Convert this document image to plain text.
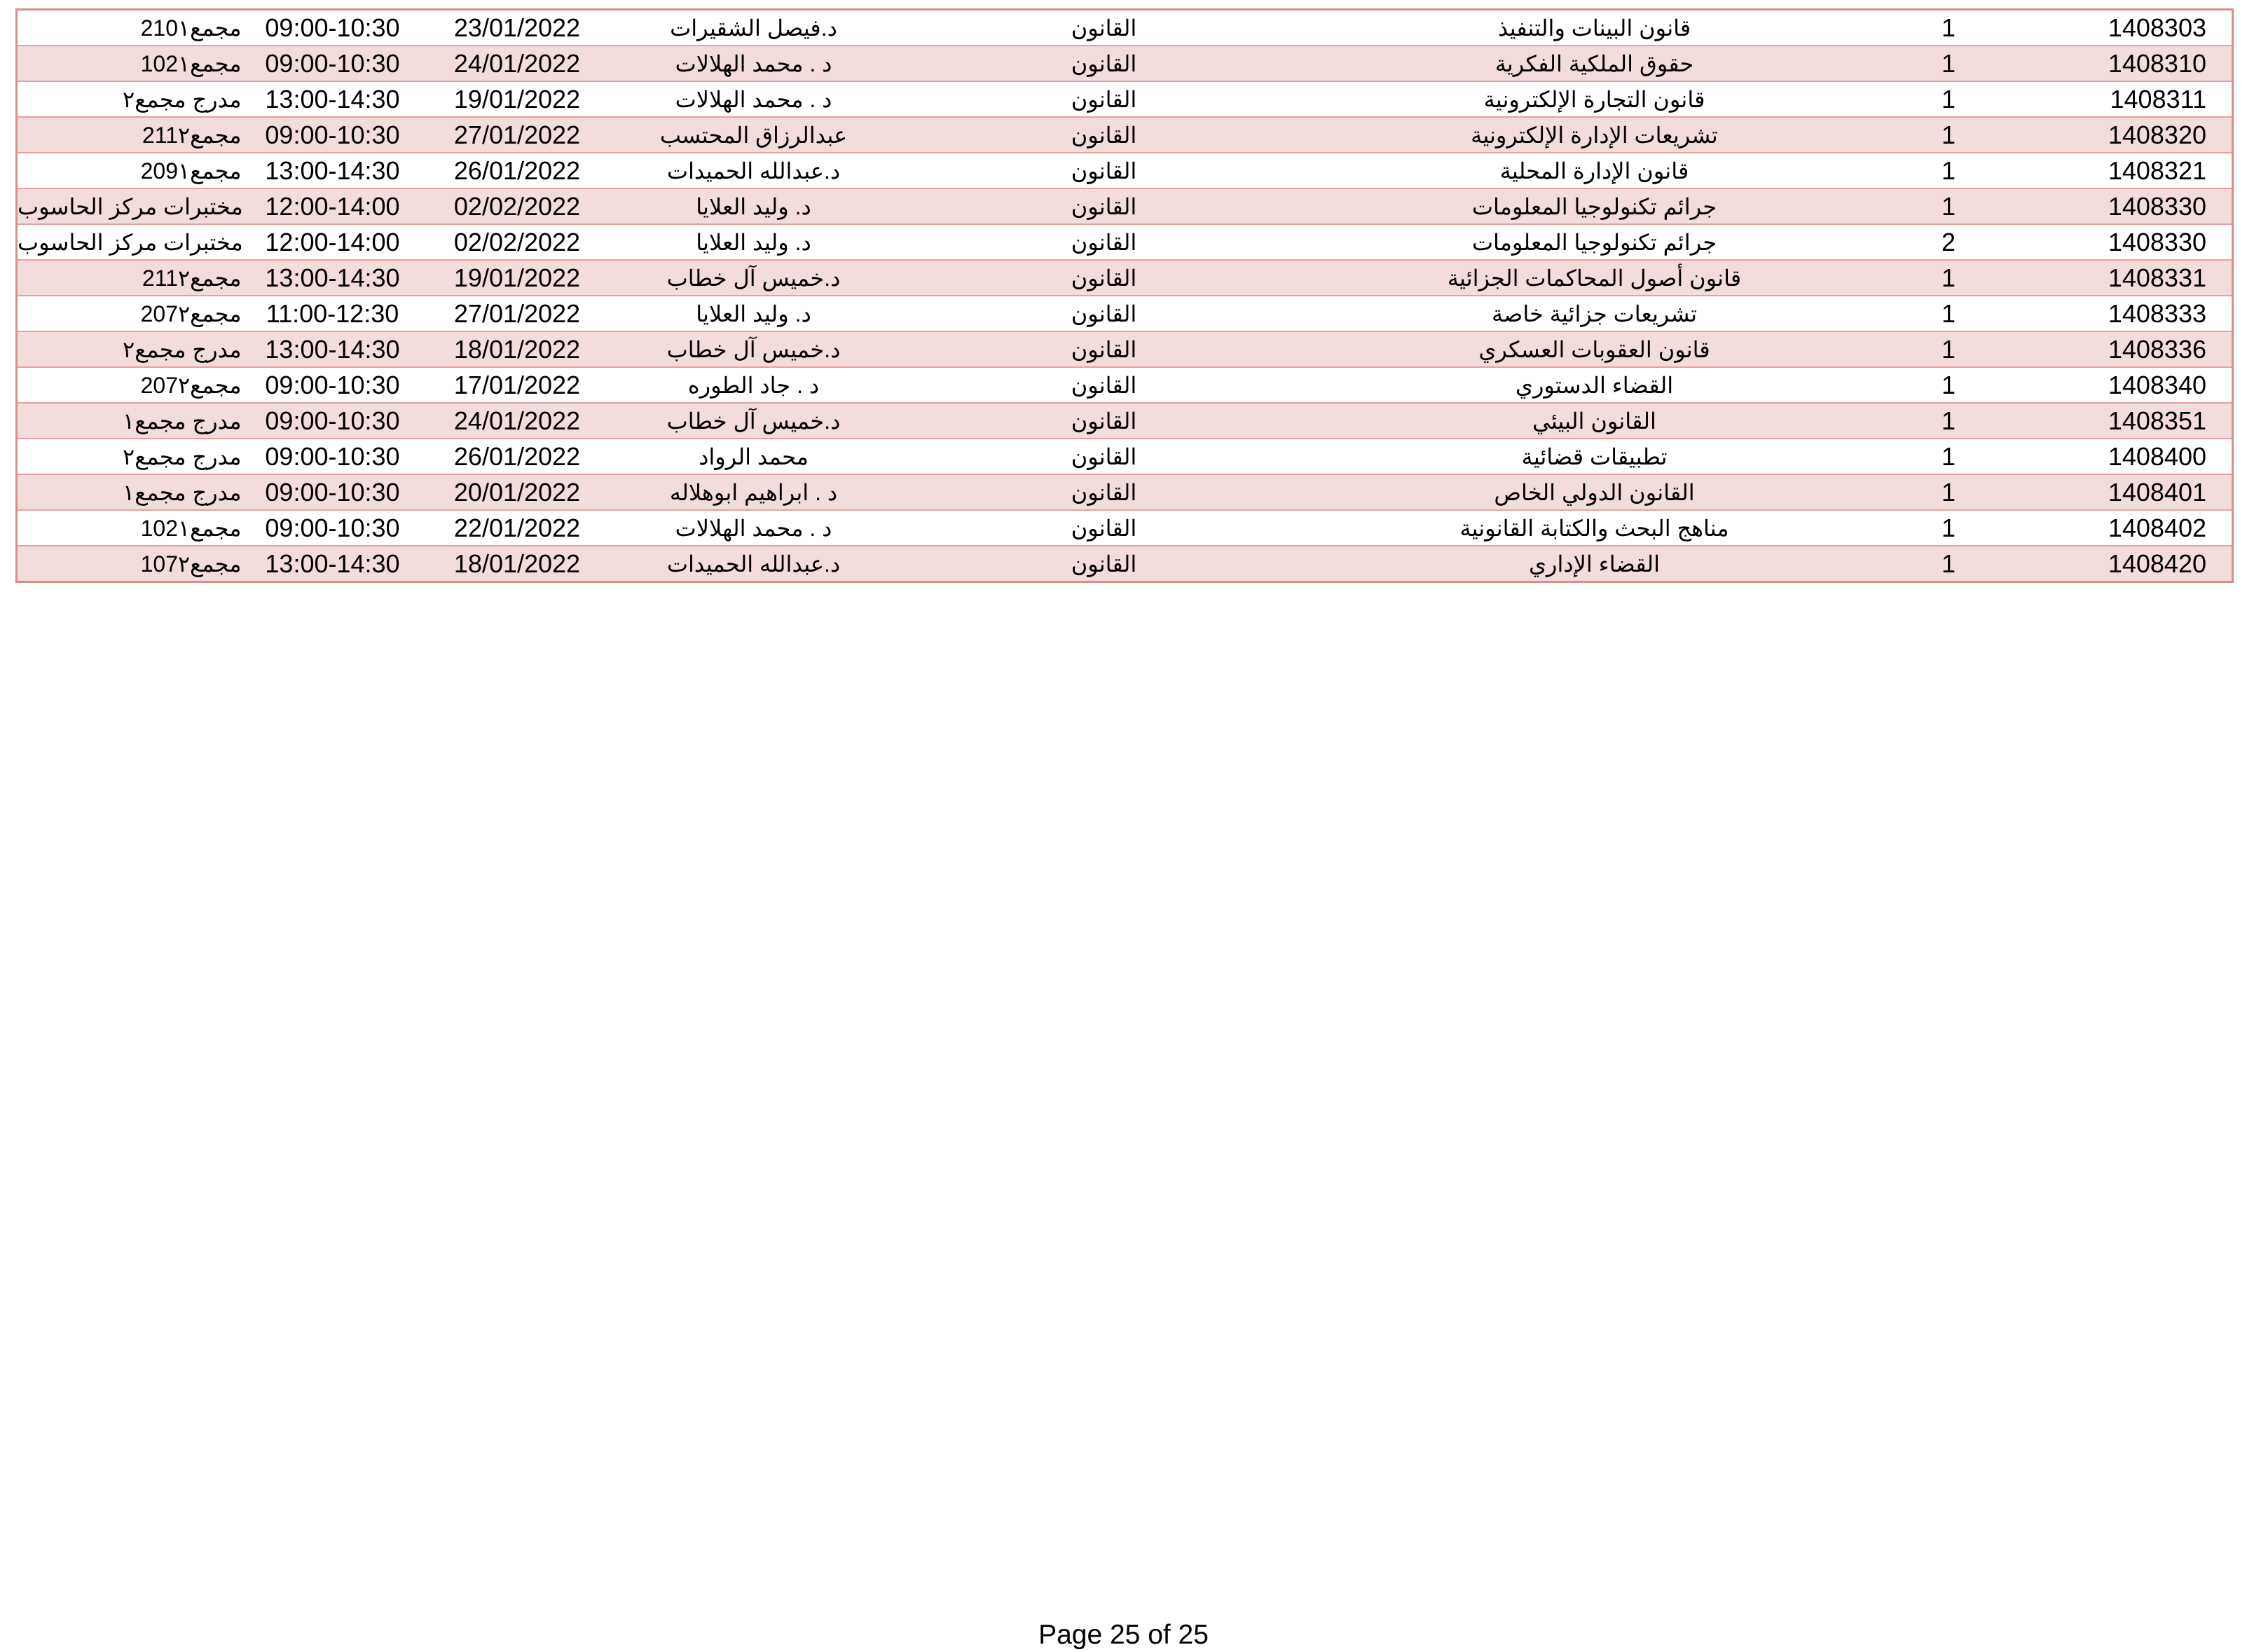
210مجمع١	09:00-10:30	23/01/2022	د.فيصل الشقيرات	القانون	قانون البينات والتنفيذ	1	1408303
102مجمع١	09:00-10:30	24/01/2022	د . محمد الهلالات	القانون	حقوق الملكية الفكرية	1	1408310
مدرج مجمع٢	13:00-14:30	19/01/2022	د . محمد الهلالات	القانون	قانون التجارة الإلكترونية	1	1408311
211مجمع٢	09:00-10:30	27/01/2022	عبدالرزاق المحتسب	القانون	تشريعات الإدارة الإلكترونية	1	1408320
209مجمع١	13:00-14:30	26/01/2022	د.عبدالله الحميدات	القانون	قانون الإدارة المحلية	1	1408321
مختبرات مركز الحاسوب	12:00-14:00	02/02/2022	د. وليد العلايا	القانون	جرائم تكنولوجيا المعلومات	1	1408330
مختبرات مركز الحاسوب	12:00-14:00	02/02/2022	د. وليد العلايا	القانون	جرائم تكنولوجيا المعلومات	2	1408330
211مجمع٢	13:00-14:30	19/01/2022	د.خميس آل خطاب	القانون	قانون أصول المحاكمات الجزائية	1	1408331
207مجمع٢	11:00-12:30	27/01/2022	د. وليد العلايا	القانون	تشريعات جزائية خاصة	1	1408333
مدرج مجمع٢	13:00-14:30	18/01/2022	د.خميس آل خطاب	القانون	قانون العقوبات العسكري	1	1408336
207مجمع٢	09:00-10:30	17/01/2022	د . جاد الطوره	القانون	القضاء الدستوري	1	1408340
مدرج مجمع١	09:00-10:30	24/01/2022	د.خميس آل خطاب	القانون	القانون البيئي	1	1408351
مدرج مجمع٢	09:00-10:30	26/01/2022	محمد الرواد	القانون	تطبيقات قضائية	1	1408400
مدرج مجمع١	09:00-10:30	20/01/2022	د . ابراهيم ابوهلاله	القانون	القانون الدولي الخاص	1	1408401
102مجمع١	09:00-10:30	22/01/2022	د . محمد الهلالات	القانون	مناهج البحث والكتابة القانونية	1	1408402
107مجمع٢	13:00-14:30	18/01/2022	د.عبدالله الحميدات	القانون	القضاء الإداري	1	1408420
Page 25 of 25
